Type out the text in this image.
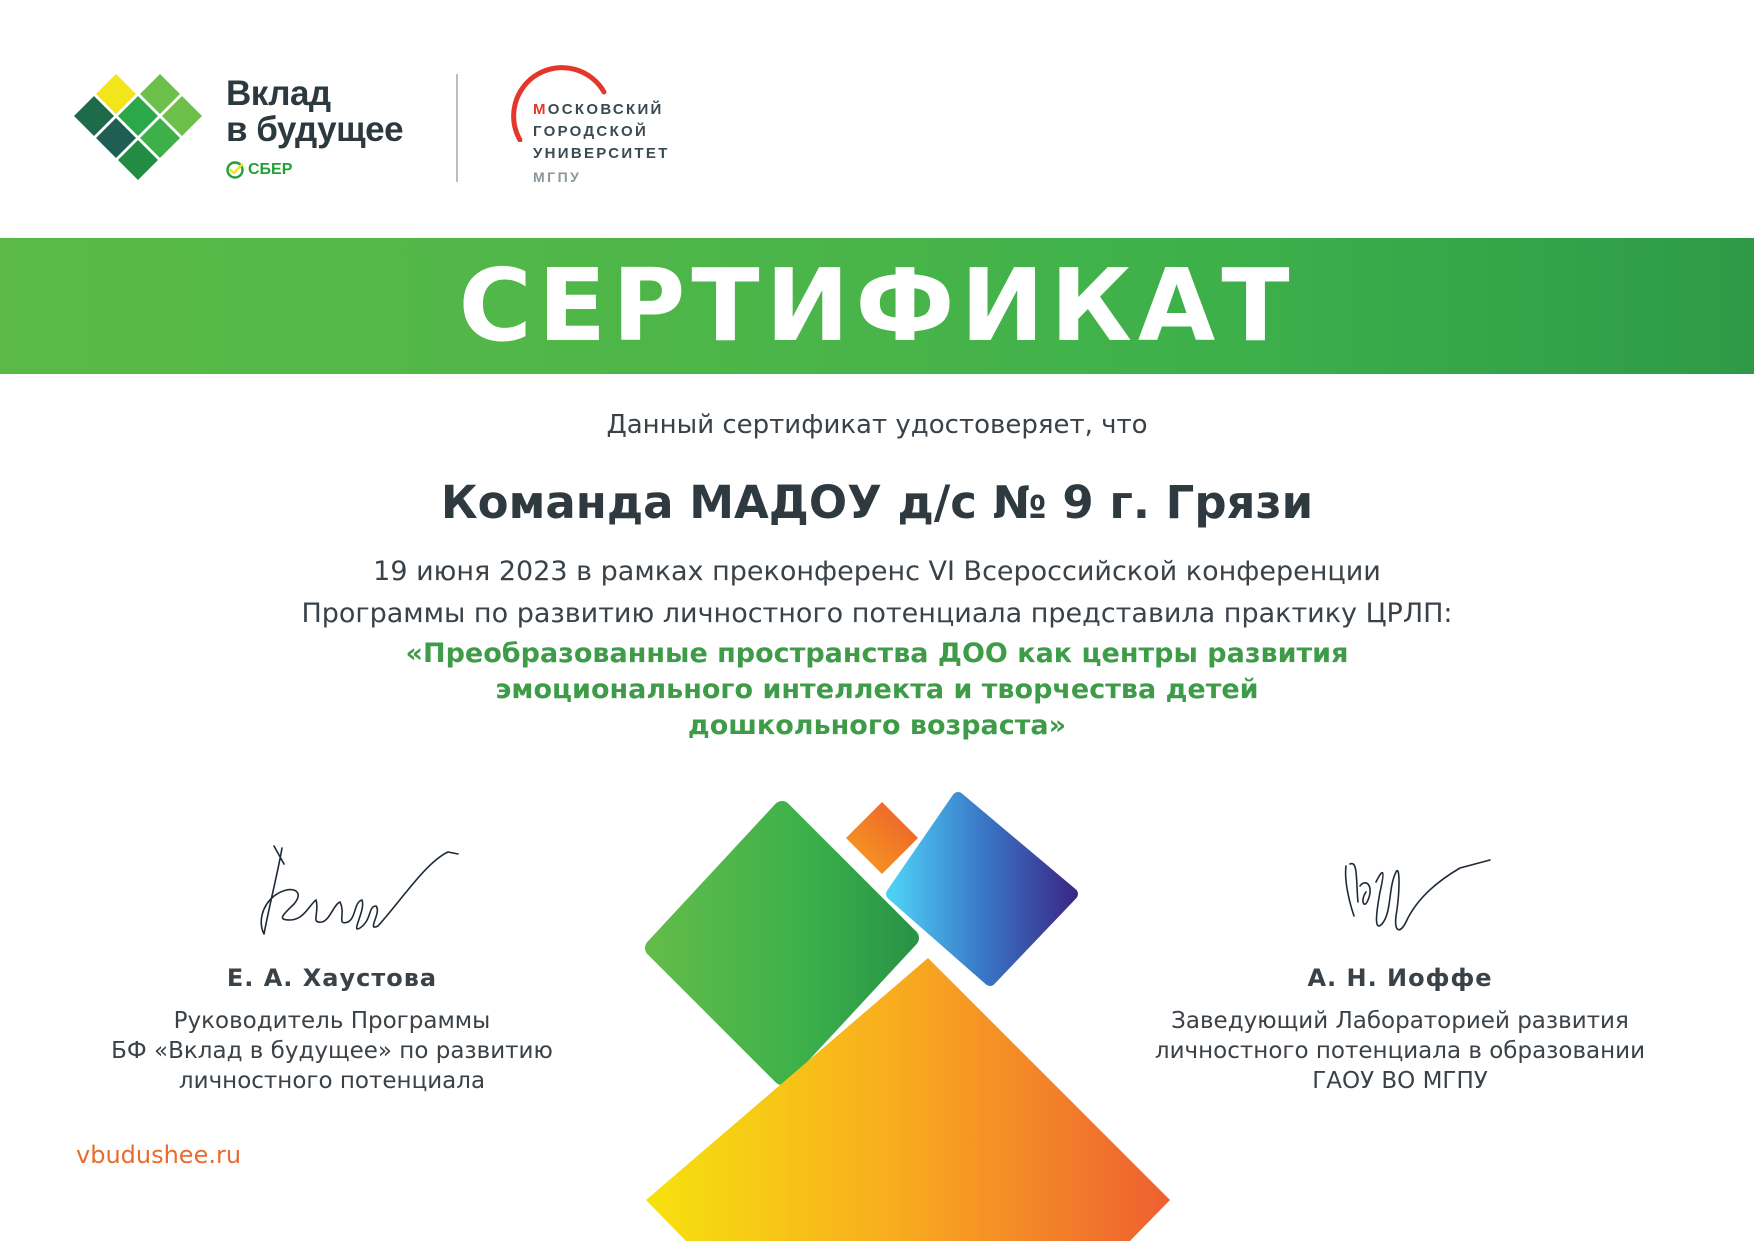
Вклад
в будущее
СБЕР
МОСКОВСКИЙ
ГОРОДСКОЙ
УНИВЕРСИТЕТ
МГПУ
СЕРТИФИКАТ
Данный сертификат удостоверяет, что
Команда МАДОУ д/с № 9 г. Грязи
19 июня 2023 в рамках преконференс VI Всероссийской конференции
Программы по развитию личностного потенциала представила практику ЦРЛП:
«Преобразованные пространства ДОО как центры развития
эмоционального интеллекта и творчества детей
дошкольного возраста»
Е. А. Хаустова
Руководитель Программы
БФ «Вклад в будущее» по развитию
личностного потенциала
А. Н. Иоффе
Заведующий Лабораторией развития
личностного потенциала в образовании
ГАОУ ВО МГПУ
vbudushee.ru
